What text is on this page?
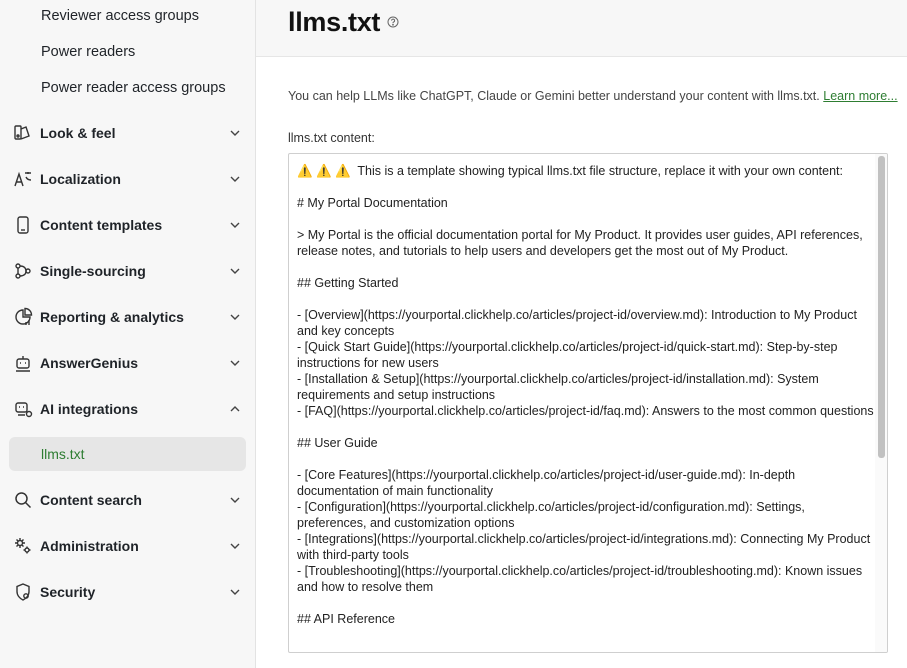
Reviewer access groups
Power readers
Power reader access groups
Look & feel
Localization
Content templates
Single-sourcing
Reporting & analytics
AnswerGenius
AI integrations
llms.txt
Content search
Administration
Security
llms.txt
You can help LLMs like ChatGPT, Claude or Gemini better understand your content with llms.txt. Learn more...
llms.txt content:
⚠️ ⚠️ ⚠️  This is a template showing typical llms.txt file structure, replace it with your own content:
# My Portal Documentation
> My Portal is the official documentation portal for My Product. It provides user guides, API references, release notes, and tutorials to help users and developers get the most out of My Product.
## Getting Started
- [Overview](https://yourportal.clickhelp.co/articles/project-id/overview.md): Introduction to My Product and key concepts
- [Quick Start Guide](https://yourportal.clickhelp.co/articles/project-id/quick-start.md): Step-by-step instructions for new users
- [Installation & Setup](https://yourportal.clickhelp.co/articles/project-id/installation.md): System requirements and setup instructions
- [FAQ](https://yourportal.clickhelp.co/articles/project-id/faq.md): Answers to the most common questions
## User Guide
- [Core Features](https://yourportal.clickhelp.co/articles/project-id/user-guide.md): In-depth documentation of main functionality
- [Configuration](https://yourportal.clickhelp.co/articles/project-id/configuration.md): Settings, preferences, and customization options
- [Integrations](https://yourportal.clickhelp.co/articles/project-id/integrations.md): Connecting My Product with third-party tools
- [Troubleshooting](https://yourportal.clickhelp.co/articles/project-id/troubleshooting.md): Known issues and how to resolve them
## API Reference
